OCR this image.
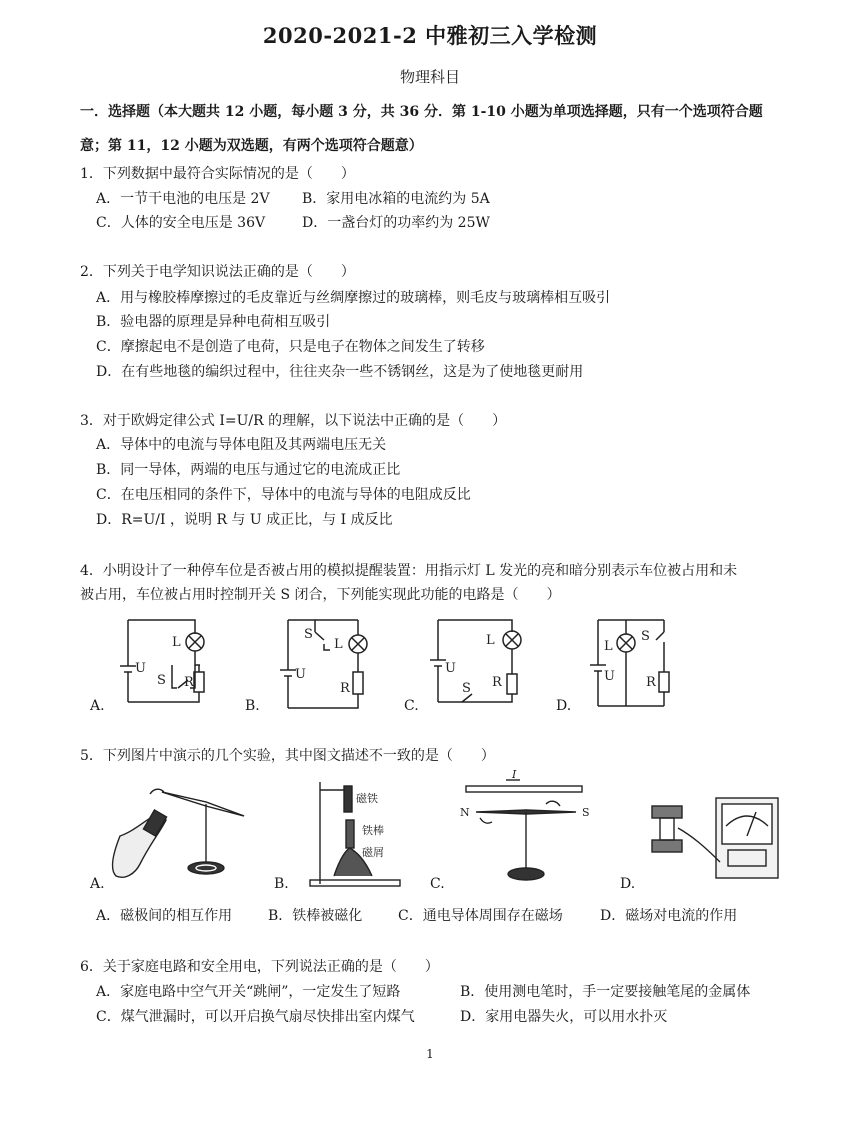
2020-2021-2 中雅初三入学检测
物理科目
一．选择题（本大题共 12 小题，每小题 3 分，共 36 分．第 1-10 小题为单项选择题，只有一个选项符合题
意；第 11，12 小题为双选题，有两个选项符合题意）
1．下列数据中最符合实际情况的是（　　）
A．一节干电池的电压是 2V B．家用电冰箱的电流约为 5A
C．人体的安全电压是 36V	D．一盏台灯的功率约为 25W
2．下列关于电学知识说法正确的是（　　）
A．用与橡胶棒摩擦过的毛皮靠近与丝绸摩擦过的玻璃棒，则毛皮与玻璃棒相互吸引
B．验电器的原理是异种电荷相互吸引
C．摩擦起电不是创造了电荷，只是电子在物体之间发生了转移
D．在有些地毯的编织过程中，往往夹杂一些不锈钢丝，这是为了使地毯更耐用
3．对于欧姆定律公式 I=U/R 的理解，以下说法中正确的是（　　）
A．导体中的电流与导体电阻及其两端电压无关
B．同一导体，两端的电压与通过它的电流成正比
C．在电压相同的条件下，导体中的电流与导体的电阻成反比
D．R=U/I ，说明 R 与 U 成正比，与 I 成反比
4．小明设计了一种停车位是否被占用的模拟提醒装置：用指示灯 L 发光的亮和暗分别表示车位被占用和未
被占用，车位被占用时控制开关 S 闭合，下列能实现此功能的电路是（　　）
L
U
S R
S
L
U
R
L
U
S R
L
U
S
R
A.	B.	C.	D.
5．下列图片中演示的几个实验，其中图文描述不一致的是（　　）
磁铁
铁棒
磁屑
I
N	S
A.	B.	C.	D.
A．磁极间的相互作用	B．铁棒被磁化	C．通电导体周围存在磁场	D．磁场对电流的作用
6．关于家庭电路和安全用电，下列说法正确的是（　　）
A．家庭电路中空气开关“跳闸”，一定发生了短路	B．使用测电笔时，手一定要接触笔尾的金属体
C．煤气泄漏时，可以开启换气扇尽快排出室内煤气	D．家用电器失火，可以用水扑灭
1
